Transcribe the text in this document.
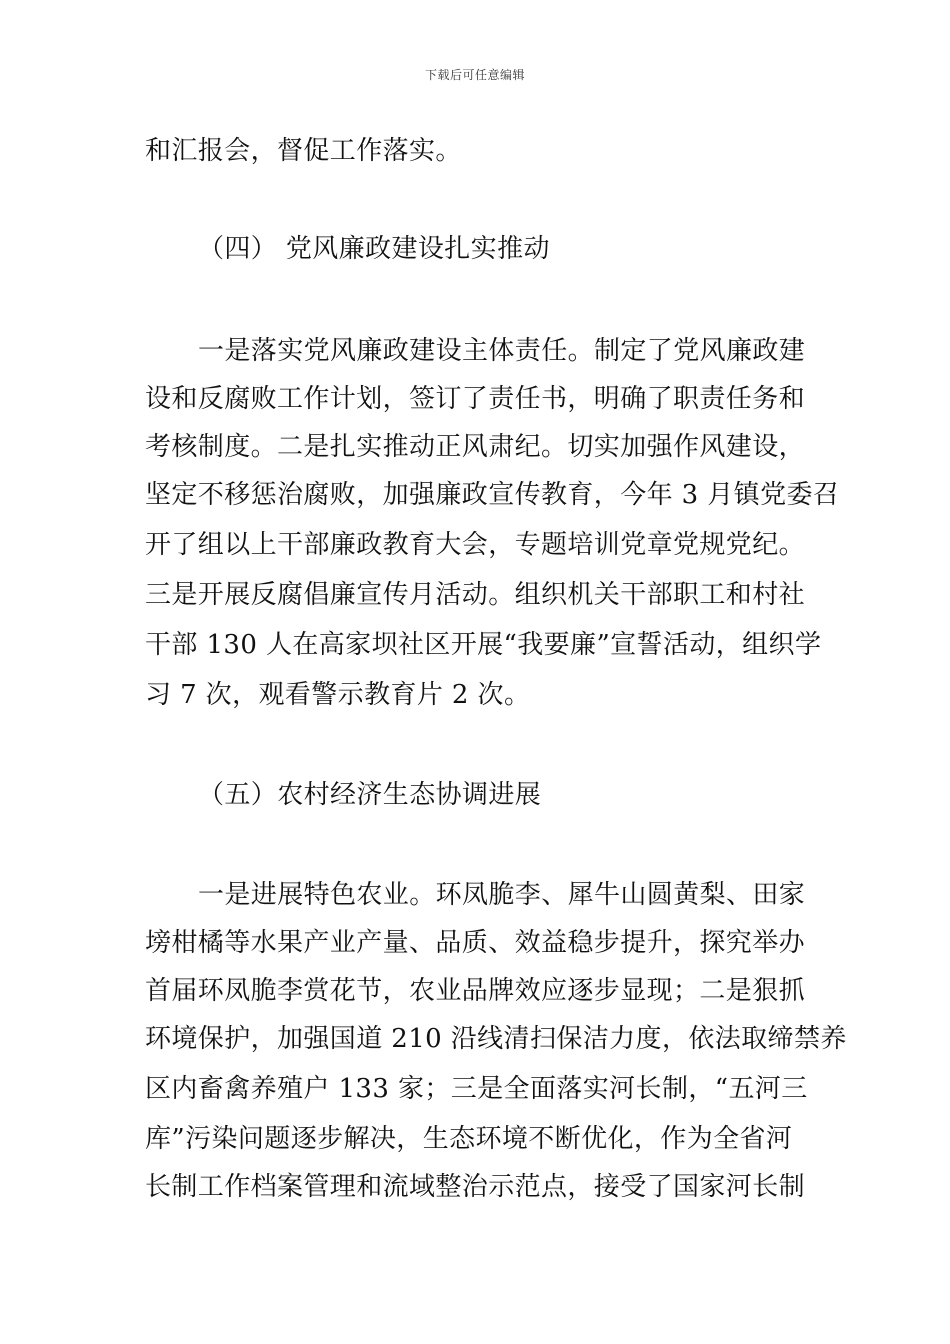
下载后可任意编辑
和汇报会，督促工作落实。
（四） 党风廉政建设扎实推动
一是落实党风廉政建设主体责任。制定了党风廉政建
设和反腐败工作计划，签订了责任书，明确了职责任务和
考核制度。二是扎实推动正风肃纪。切实加强作风建设，
坚定不移惩治腐败，加强廉政宣传教育，今年 3 月镇党委召
开了组以上干部廉政教育大会，专题培训党章党规党纪。
三是开展反腐倡廉宣传月活动。组织机关干部职工和村社
干部 130 人在高家坝社区开展“我要廉”宣誓活动，组织学
习 7 次，观看警示教育片 2 次。
（五）农村经济生态协调进展
一是进展特色农业。环凤脆李、犀牛山圆黄梨、田家
塝柑橘等水果产业产量、品质、效益稳步提升，探究举办
首届环凤脆李赏花节，农业品牌效应逐步显现；二是狠抓
环境保护，加强国道 210 沿线清扫保洁力度，依法取缔禁养
区内畜禽养殖户 133 家；三是全面落实河长制，“五河三
库”污染问题逐步解决，生态环境不断优化，作为全省河
长制工作档案管理和流域整治示范点，接受了国家河长制
